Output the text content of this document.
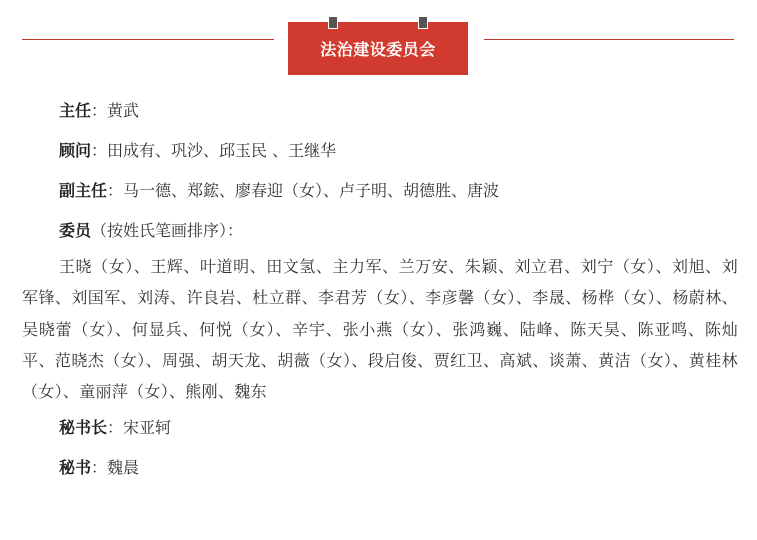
法治建设委员会
主任：黄武
顾问：田成有、巩沙、邱玉民 、王继华
副主任：马一德、郑鋐、廖春迎（女）、卢子明、胡德胜、唐波
委员（按姓氏笔画排序）：
王晓（女）、王辉、叶道明、田文氢、主力军、兰万安、朱颖、刘立君、刘宁（女）、刘旭、刘军锋、刘国军、刘涛、许良岩、杜立群、李君芳（女）、李彦馨（女）、李晟、杨桦（女）、杨蔚林、吴晓蕾（女）、何显兵、何悦（女）、辛宇、张小燕（女）、张鸿巍、陆峰、陈天昊、陈亚鸣、陈灿平、范晓杰（女）、周强、胡天龙、胡薇（女）、段启俊、贾红卫、高斌、谈萧、黄洁（女）、黄桂林（女）、童丽萍（女）、熊刚、魏东
秘书长：宋亚轲
秘书：魏晨
